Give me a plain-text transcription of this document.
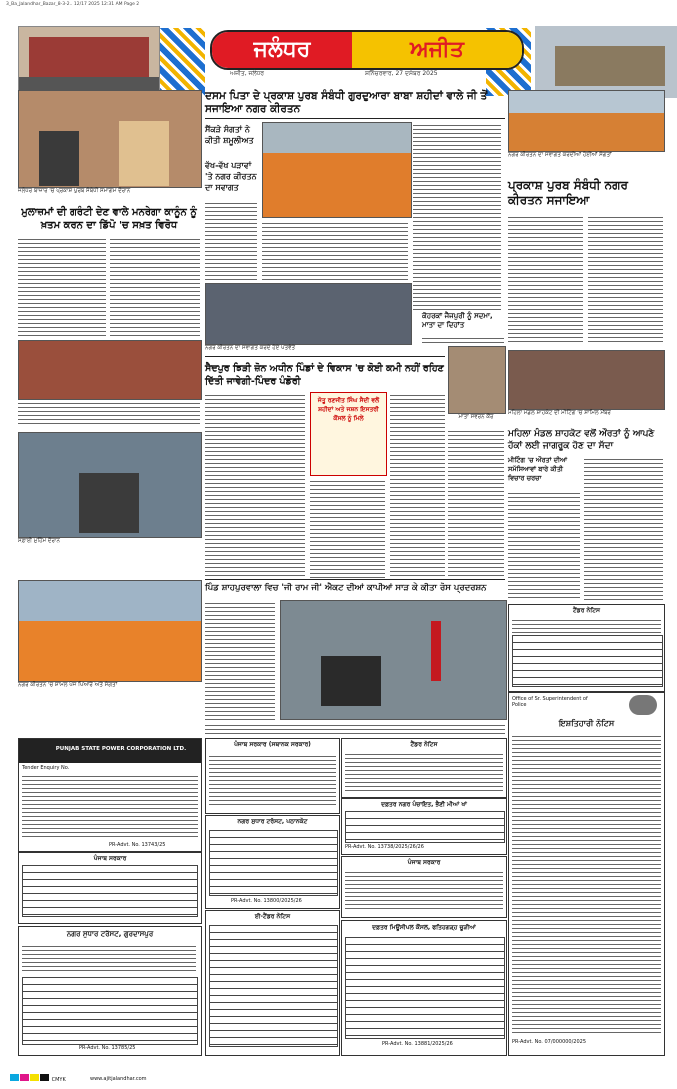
3_Ba_Jalandhar_Bazar_8-3-2.. 12/17 2025 12:31 AM Page 2
ਜਲੰਧਰ	ਅਜੀਤ
ਅਜੀਤ, ਜਲੰਧਰ	ਸ਼ਨਿੱਚਰਵਾਰ, 27 ਦਸੰਬਰ 2025
ਜਲੰਧਰ ਬਾਜ਼ਾਰ 'ਚ ਪ੍ਰਕਾਸ਼ ਪੁਰਬ ਸੰਬੰਧੀ ਸਮਾਗਮ ਦੌਰਾਨ
ਮੁਲਾਜ਼ਮਾਂ ਦੀ ਗਰੰਟੀ ਦੇਣ ਵਾਲੇ ਮਨਰੇਗਾ ਕਾਨੂੰਨ ਨੂੰ ਖ਼ਤਮ ਕਰਨ ਦਾ ਡਿੱਪੋ 'ਚ ਸਖ਼ਤ ਵਿਰੋਧ
ਸਫ਼ਾਈ ਮੁਹਿੰਮ ਦੌਰਾਨ
ਨਗਰ ਕੀਰਤਨ 'ਚ ਸ਼ਾਮਲ ਪੰਜ ਪਿਆਰੇ ਅਤੇ ਸੰਗਤਾਂ
PUNJAB STATE POWER CORPORATION LTD.
Tender Enquiry No.
PR-Advt. No. 13743/25
ਪੰਜਾਬ ਸਰਕਾਰ
ਨਗਰ ਸੁਧਾਰ ਟਰੱਸਟ, ਗੁਰਦਾਸਪੁਰ
PR-Advt. No. 13785/25
ਦਸਮ ਪਿਤਾ ਦੇ ਪ੍ਰਕਾਸ਼ ਪੁਰਬ ਸੰਬੰਧੀ ਗੁਰਦੁਆਰਾ ਬਾਬਾ ਸ਼ਹੀਦਾਂ ਵਾਲੇ ਜੀ ਤੋਂ ਸਜਾਇਆ ਨਗਰ ਕੀਰਤਨ
ਸੈਂਕੜੇ ਸੰਗਤਾਂ ਨੇ ਕੀਤੀ ਸ਼ਮੂਲੀਅਤ
ਵੱਖ-ਵੱਖ ਪੜਾਵਾਂ 'ਤੇ ਨਗਰ ਕੀਰਤਨ ਦਾ ਸਵਾਗਤ
ਨਗਰ ਕੀਰਤਨ ਦਾ ਸਵਾਗਤ ਕਰਦੇ ਹੋਏ ਪਤਵੰਤੇ
ਕੋਹਰਕਾਂ ਜੈਜਪੁਰੀ ਨੂੰ ਸਦਮਾ, ਮਾਤਾ ਦਾ ਦਿਹਾਂਤ
ਮਾਤਾ ਸਵਰਨ ਕੌਰ
ਸੈਦਪੁਰ ਝਿੜੀ ਜ਼ੋਨ ਅਧੀਨ ਪਿੰਡਾਂ ਦੇ ਵਿਕਾਸ 'ਚ ਕੋਈ ਕਮੀ ਨਹੀਂ ਰਹਿਣ ਦਿੱਤੀ ਜਾਵੇਗੀ-ਪਿੰਦਰ ਪੰਡੋਰੀ
ਜੋਤੂ ਰਣਜੀਤ ਸਿੰਘ ਸੈਦੀ ਵਲੋਂ ਸ਼ਹੀਦਾਂ ਅਤੇ ਜਸ਼ਨ ਇਸਤਰੀ ਕੌਂਸਲ ਨੂੰ ਮਿਲੇ
ਪਿੰਡ ਸ਼ਾਹਪੁਰਵਾਲਾ ਵਿਚ 'ਜੀ ਰਾਮ ਜੀ' ਐਕਟ ਦੀਆਂ ਕਾਪੀਆਂ ਸਾੜ ਕੇ ਕੀਤਾ ਰੋਸ ਪ੍ਰਦਰਸ਼ਨ
ਪੰਜਾਬ ਸਰਕਾਰ (ਸਥਾਨਕ ਸਰਕਾਰ)
ਨਗਰ ਸੁਧਾਰ ਟਰੱਸਟ, ਪਠਾਨਕੋਟ
PR-Advt. No. 13800/2025/26
ਈ-ਟੈਂਡਰ ਨੋਟਿਸ
ਟੈਂਡਰ ਨੋਟਿਸ
ਦਫ਼ਤਰ ਨਗਰ ਪੰਚਾਇਤ, ਭੈਣੀ ਮੀਆਂ ਖਾਂ
PR-Advt. No. 13738/2025/26/26
ਪੰਜਾਬ ਸਰਕਾਰ
ਦਫ਼ਤਰ ਮਿਊਂਸੀਪਲ ਕੌਂਸਲ, ਫਤਿਹਗੜ੍ਹ ਚੂੜੀਆਂ
PR-Advt. No. 13881/2025/26
ਨਗਰ ਕੀਰਤਨ ਦਾ ਸਵਾਗਤ ਕਰਦੀਆਂ ਹੋਈਆਂ ਸੰਗਤਾਂ
ਪ੍ਰਕਾਸ਼ ਪੁਰਬ ਸੰਬੰਧੀ ਨਗਰ ਕੀਰਤਨ ਸਜਾਇਆ
ਮਹਿਲਾ ਮੰਡਲ ਸ਼ਾਹਕੋਟ ਦੀ ਮੀਟਿੰਗ 'ਚ ਸ਼ਾਮਿਲ ਮੈਂਬਰ
ਮਹਿਲਾ ਮੰਡਲ ਸ਼ਾਹਕੋਟ ਵਲੋਂ ਔਰਤਾਂ ਨੂੰ ਆਪਣੇ ਹੱਕਾਂ ਲਈ ਜਾਗਰੂਕ ਹੋਣ ਦਾ ਸੱਦਾ
ਮੀਟਿੰਗ 'ਚ ਔਰਤਾਂ ਦੀਆਂ ਸਮੱਸਿਆਵਾਂ ਬਾਰੇ ਕੀਤੀ ਵਿਚਾਰ ਚਰਚਾ
ਟੈਂਡਰ ਨੋਟਿਸ
Office of Sr. Superintendent of Police
ਇਸ਼ਤਿਹਾਰੀ ਨੋਟਿਸ
PR-Advt. No. 07/000000/2025
CMYK	www.ajitjalandhar.com
